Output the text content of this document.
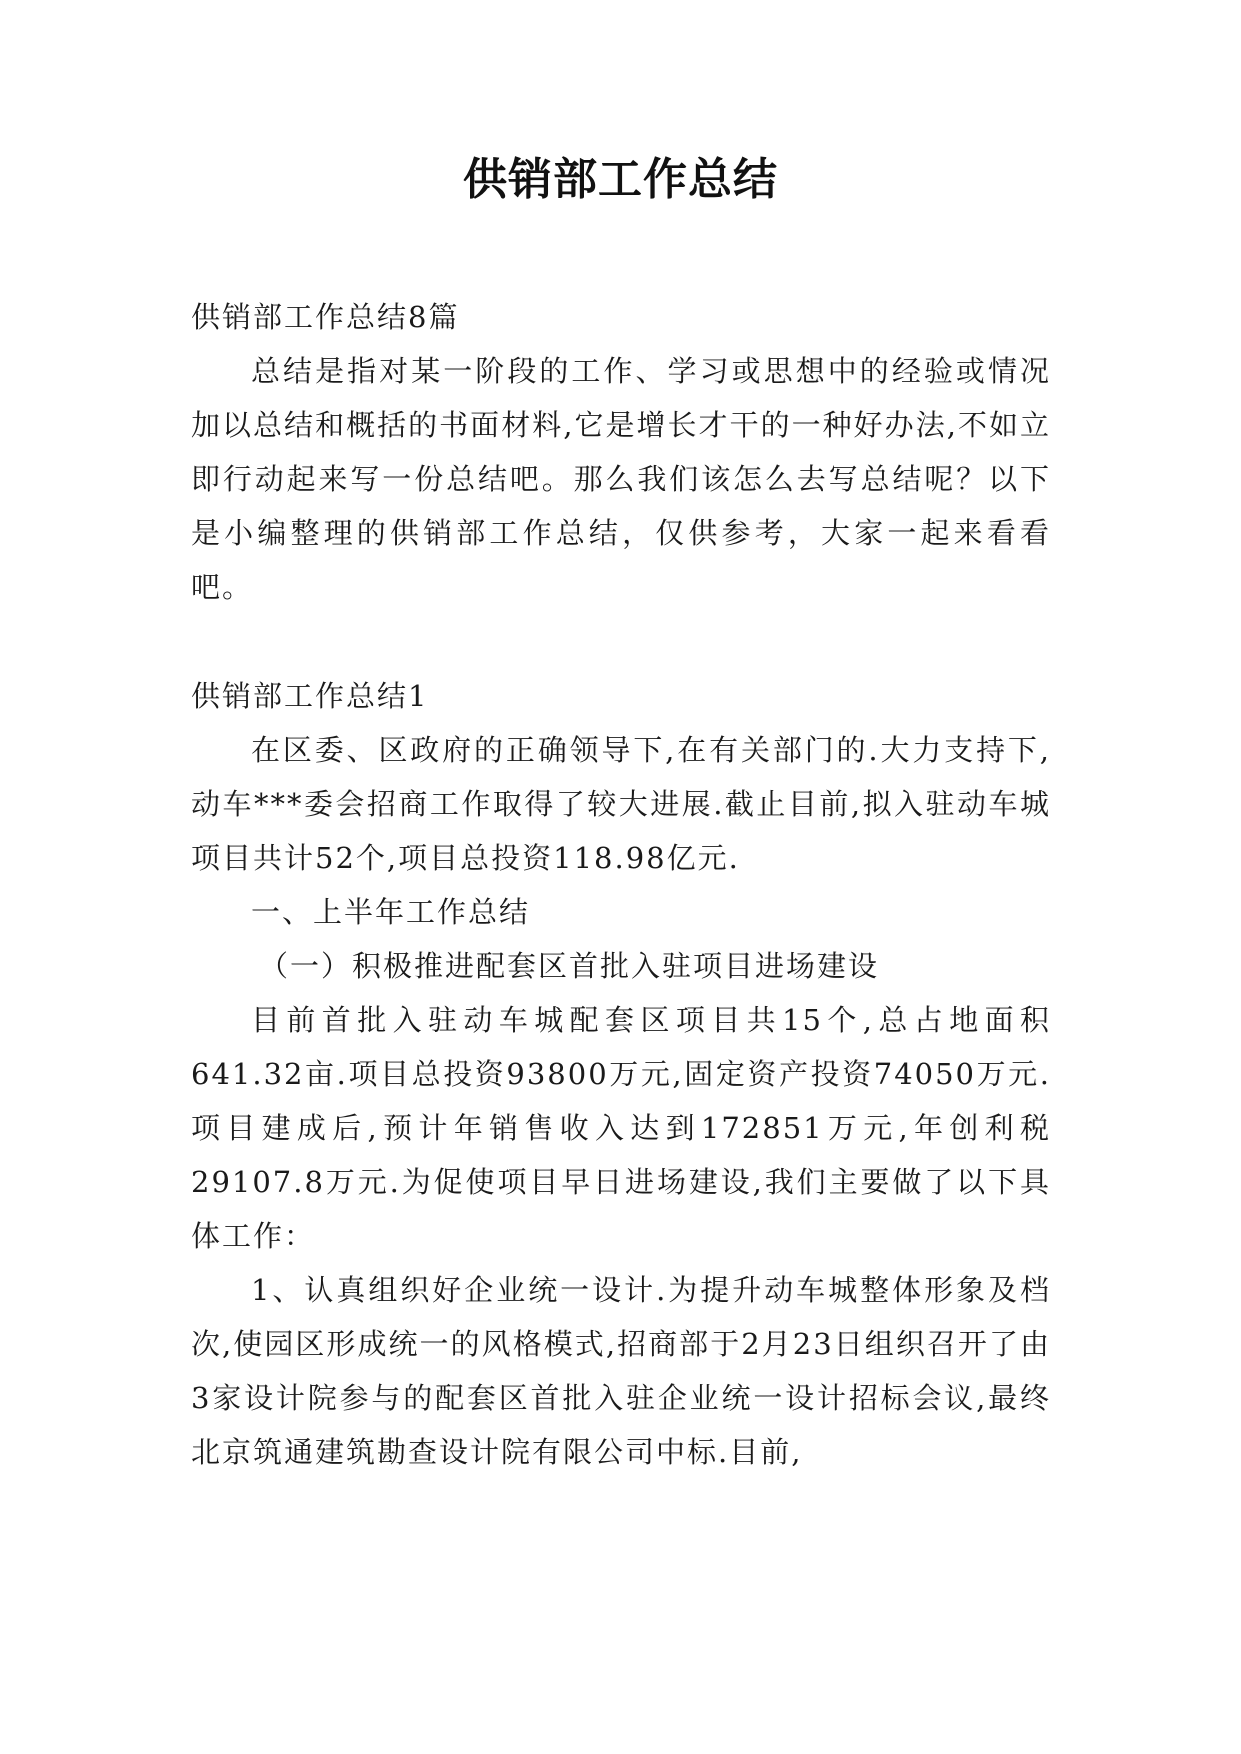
供销部工作总结

供销部工作总结8篇

总结是指对某一阶段的工作、学习或思想中的经验或情况加以总结和概括的书面材料,它是增长才干的一种好办法,不如立即行动起来写一份总结吧。那么我们该怎么去写总结呢？以下是小编整理的供销部工作总结，仅供参考，大家一起来看看吧。

供销部工作总结1

在区委、区政府的正确领导下,在有关部门的.大力支持下,动车***委会招商工作取得了较大进展.截止目前,拟入驻动车城项目共计52个,项目总投资118.98亿元.

一、上半年工作总结

（一）积极推进配套区首批入驻项目进场建设

目前首批入驻动车城配套区项目共15个,总占地面积641.32亩.项目总投资93800万元,固定资产投资74050万元.项目建成后,预计年销售收入达到172851万元,年创利税29107.8万元.为促使项目早日进场建设,我们主要做了以下具体工作：

1、认真组织好企业统一设计.为提升动车城整体形象及档次,使园区形成统一的风格模式,招商部于2月23日组织召开了由3家设计院参与的配套区首批入驻企业统一设计招标会议,最终北京筑通建筑勘查设计院有限公司中标.目前,
